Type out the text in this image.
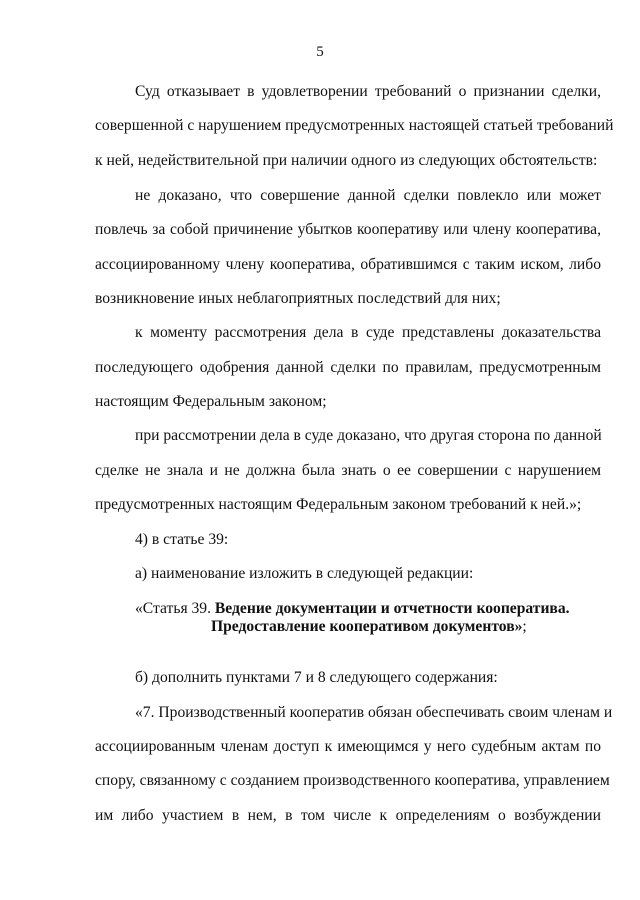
5
Суд отказывает в удовлетворении требований о признании сделки,
совершенной с нарушением предусмотренных настоящей статьей требований
к ней, недействительной при наличии одного из следующих обстоятельств:
не доказано, что совершение данной сделки повлекло или может
повлечь за собой причинение убытков кооперативу или члену кооператива,
ассоциированному члену кооператива, обратившимся с таким иском, либо
возникновение иных неблагоприятных последствий для них;
к моменту рассмотрения дела в суде представлены доказательства
последующего одобрения данной сделки по правилам, предусмотренным
настоящим Федеральным законом;
при рассмотрении дела в суде доказано, что другая сторона по данной
сделке не знала и не должна была знать о ее совершении с нарушением
предусмотренных настоящим Федеральным законом требований к ней.»;
4) в статье 39:
а) наименование изложить в следующей редакции:
«Статья 39. Ведение документации и отчетности кооператива.
Предоставление кооперативом документов»;
б) дополнить пунктами 7 и 8 следующего содержания:
«7. Производственный кооператив обязан обеспечивать своим членам и
ассоциированным членам доступ к имеющимся у него судебным актам по
спору, связанному с созданием производственного кооператива, управлением
им либо участием в нем, в том числе к определениям о возбуждении
